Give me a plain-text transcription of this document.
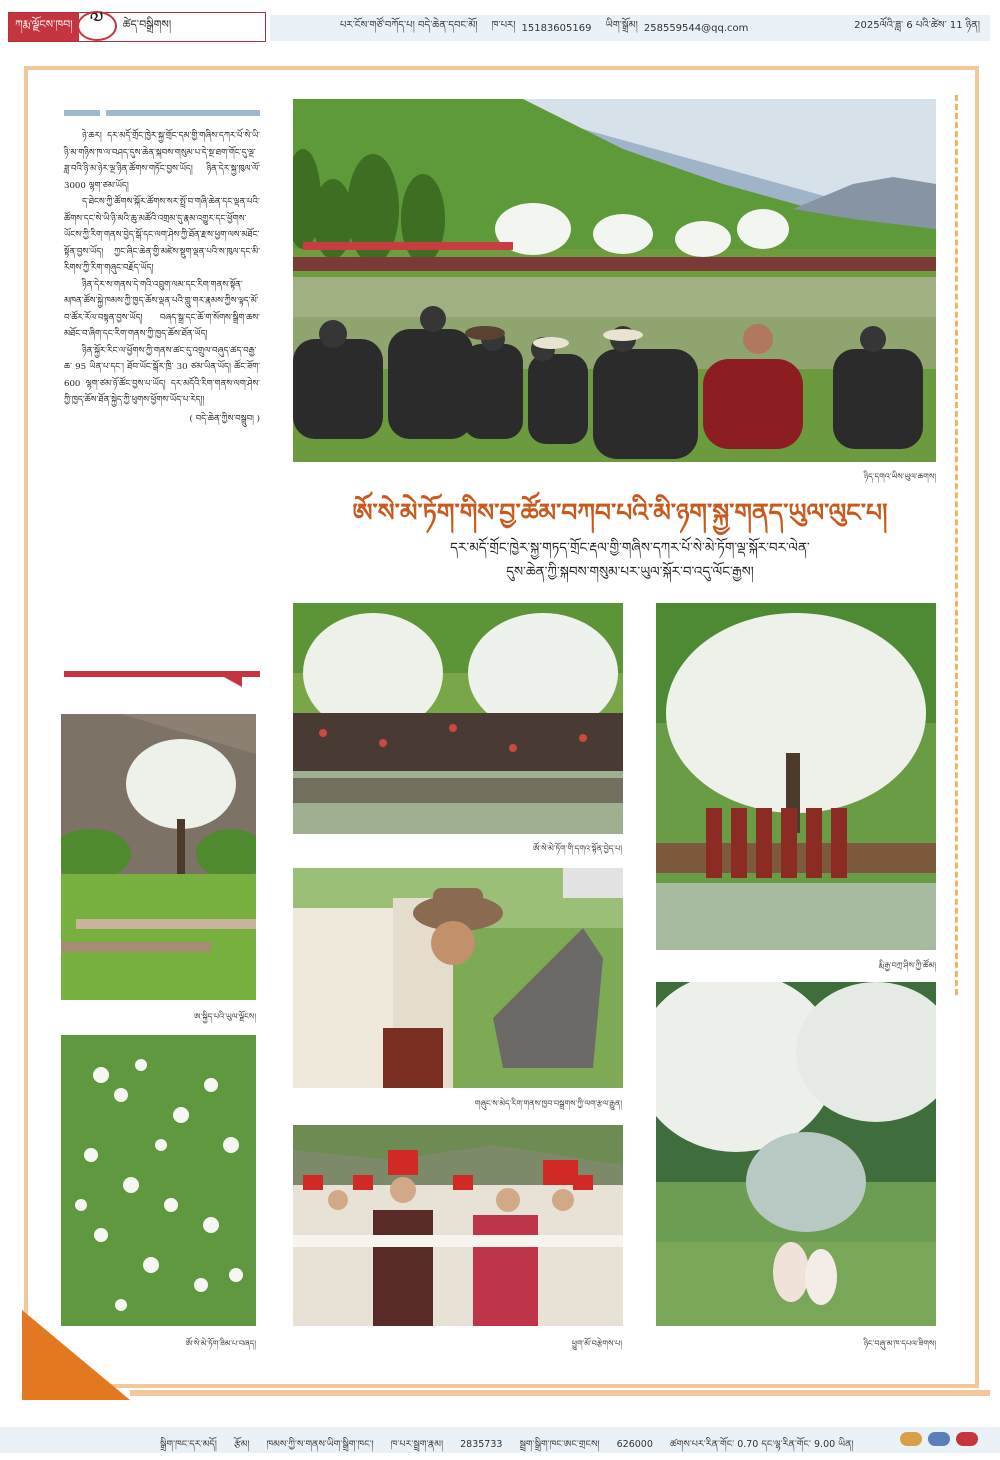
ཀརྨ་ལྗོངས་ཁབ། ༧	ཚེད་བསྒྲིགས།	པར་ངོས་གཙོ་བཀོད་པ། བདེ་ཆེན་དབང་མོ། ཁ་པར། 15183605169 ཡིག་སྒྲོམ། 258559544@qq.com	2025ལོའི་ཟླ་ 6 པའི་ཚེས་ 11 ཉིན།

ཉེ་ཆར། དར་མདོ་གྲོང་ཁྱེར་སྐྱ་གྲོང་དམ་གྱི་གཞིས་དཀར་པོ་སེ་ཡི་ཉི་མ་གཉིས་ཁ་ལ་བཤད་དུས་ཆེན་སྐབས་གསུམ་པ་དེ་སྔ་ཐག་གོང་དུ་ལྔ་ཟླ་བའི་ཉི་མ་ཉེར་ལྔ་ཉིན་ཚོགས་གཏོང་བྱས་ཡོད། ཉིན་དེར་སྐྱ་ཁུལ་ལོ་ 3000 ལྷག་ཙམ་ཡོད།

ད་ཐེངས་ཀྱི་ཚོགས་སྐོར་ཚོགས་སར་སྤྲོ་བ་གཞི་ཆེན་དང་ལྡན་པའི་ཚོགས་དང་སེ་ཡི་ཉི་མའི་ཆུ་མཚོའི་འགྲམ་དུ་རྣམ་འགྱུར་དང་ཕྱོགས་ཡོངས་ཀྱི་རིག་གནས་བྱེད་སྒོ་དང་ལག་ཤེས་ཀྱི་ཐོན་རྫས་ཕྱག་ལས་མཐོང་སྟོན་བྱས་ཡོད། ཀྱང་ཞིང་ཆེན་གྱི་མཛེས་སྡུག་ལྡན་པའི་ས་ཁུལ་དང་མི་རིགས་ཀྱི་རིག་གཞུང་བརྗོད་ཡོད།

ཉིན་དེར་ས་གནས་དེ་གའི་འབྲུག་ལམ་དང་རིག་གནས་སྟོན་མཁན་ཚོས་སྐྱེ་ཁམས་ཀྱི་ཁྱད་ཆོས་ལྡན་པའི་གླུ་གར་རྣམས་ཀྱིས་ལྟད་མོ་བ་ཚོར་རོལ་བསྟན་བྱས་ཡོད། བཞད་སྒྲ་དང་ཆོ་ག་སོགས་སྒྲིག་ཆས་མཐོང་བ་ཞིག་དང་རིག་གནས་ཀྱི་ཁྱད་ཆོས་ཐོན་ཡོད།

ཉིན་སྐྱོར་རིང་ལ་ཕྱོགས་ཀྱི་གནས་ཚང་དུ་འགྲུལ་བཞུད་ཚད་བརྒྱ་ཆ་ 95 ཡིན་པ་དང་། ཐོབ་ཡོང་སྒོར་ཁྲི་ 30 ཙམ་ཡིན་ཡོད། ཚོང་ཟོག་ 600 ལྷག་ཙམ་ཉོ་ཚོང་བྱས་པ་ཡོད། དར་མདོའི་རིག་གནས་ལག་ཤེས་ཀྱི་ཁྱད་ཆོས་ཐོན་སྐྱེད་ཀྱི་ཕུགས་ཕྱོགས་ཡོད་པ་རེད།།

( བདེ་ཆེན་ཀྱིས་བསྒྲུབ། )
ཉིད་དགའ་ཡིས་ཡུལ་ཆགས།
ཨོ་སེ་མེ་ཏོག་གིས་བྱ་ཚོམ་བཀབ་པའི་མི་ཉག་སྐྱ་གནད་ཡུལ་ལུང་པ།
དར་མདོ་གྲོང་ཁྱེར་སྐྱ་གཏད་གྲོང་རྡལ་གྱི་གཞིས་དཀར་པོ་སེ་མེ་ཏོག་ལྡ་སྐོར་བར་ལེན་
དུས་ཆེན་ཀྱི་སྐབས་གསུམ་པར་ཡུལ་སྐོར་བ་འདུ་ལོང་རྒྱས།
ཨོ་སེ་མེ་ཏོག་གི་དགའ་སྟོན་བྱེད་པ།
རྨི་རྒྱ་བཀྲ་ཤིས་ཀྱི་ཚོམ།
གཞུང་ས་མེད་རིག་གནས་ཁྱབ་བསྒྲགས་ཀྱི་ལག་རྩལ་རྒྱུན།
ཕྱུག་མོ་བརྩེགས་པ།	ཉིང་བཞུ་མ་ཁ་དཔལ་ཟིགས།
ཨ་སྐྱིད་པའི་ཡུལ་ལྗོངས།
ཨོ་སེ་མེ་ཏོག་ཟིམ་པ་བཞད།
སྒྲིག་ཁང་དར་མདོ། རྩོམ། ཁམས་ཀྱི་ས་གནས་ཡིག་སྒྲིག་ཁང་། ཁ་པར་སྦྲག་རྣམ། 2835733 སྦྲག་སྒྲིག་ཁང་ཨང་གྲངས། 626000 ཚགས་པར་རིན་གོང་ 0.70 དང་ལྷ་རིན་གོང་ 9.00 ཡིན།
